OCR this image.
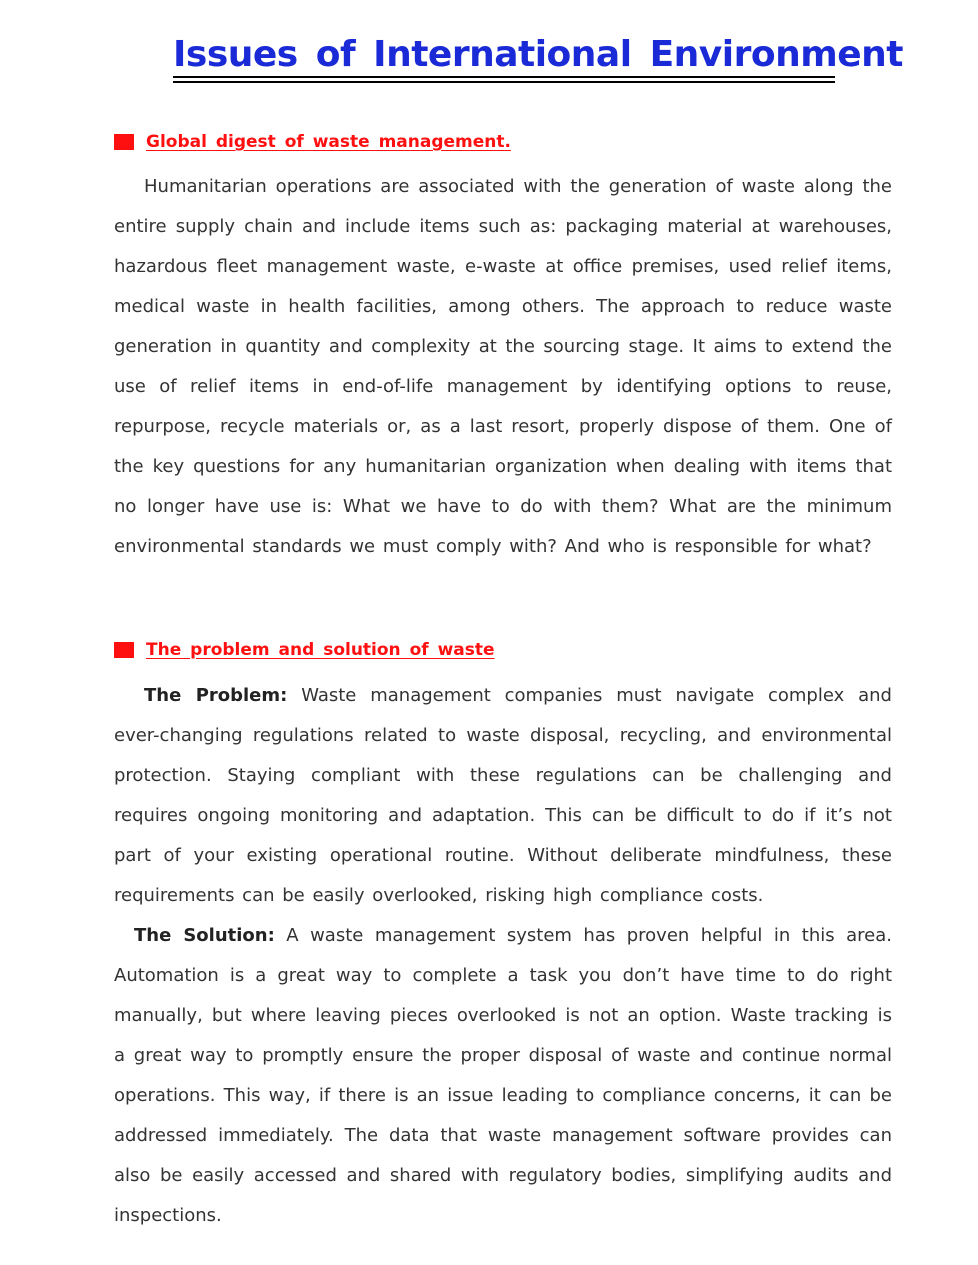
Issues of International Environment
Global digest of waste management.
Humanitarian operations are associated with the generation of waste along the entire supply chain and include items such as: packaging material at warehouses, hazardous fleet management waste, e-waste at office premises, used relief items, medical waste in health facilities, among others. The approach to reduce waste generation in quantity and complexity at the sourcing stage. It aims to extend the use of relief items in end-of-life management by identifying options to reuse, repurpose, recycle materials or, as a last resort, properly dispose of them. One of the key questions for any humanitarian organization when dealing with items that no longer have use is: What we have to do with them? What are the minimum environmental standards we must comply with? And who is responsible for what?
The problem and solution of waste
The Problem: Waste management companies must navigate complex and ever-changing regulations related to waste disposal, recycling, and environmental protection. Staying compliant with these regulations can be challenging and requires ongoing monitoring and adaptation. This can be difficult to do if it’s not part of your existing operational routine. Without deliberate mindfulness, these requirements can be easily overlooked, risking high compliance costs.
The Solution: A waste management system has proven helpful in this area. Automation is a great way to complete a task you don’t have time to do right manually, but where leaving pieces overlooked is not an option. Waste tracking is a great way to promptly ensure the proper disposal of waste and continue normal operations. This way, if there is an issue leading to compliance concerns, it can be addressed immediately. The data that waste management software provides can also be easily accessed and shared with regulatory bodies, simplifying audits and inspections.
